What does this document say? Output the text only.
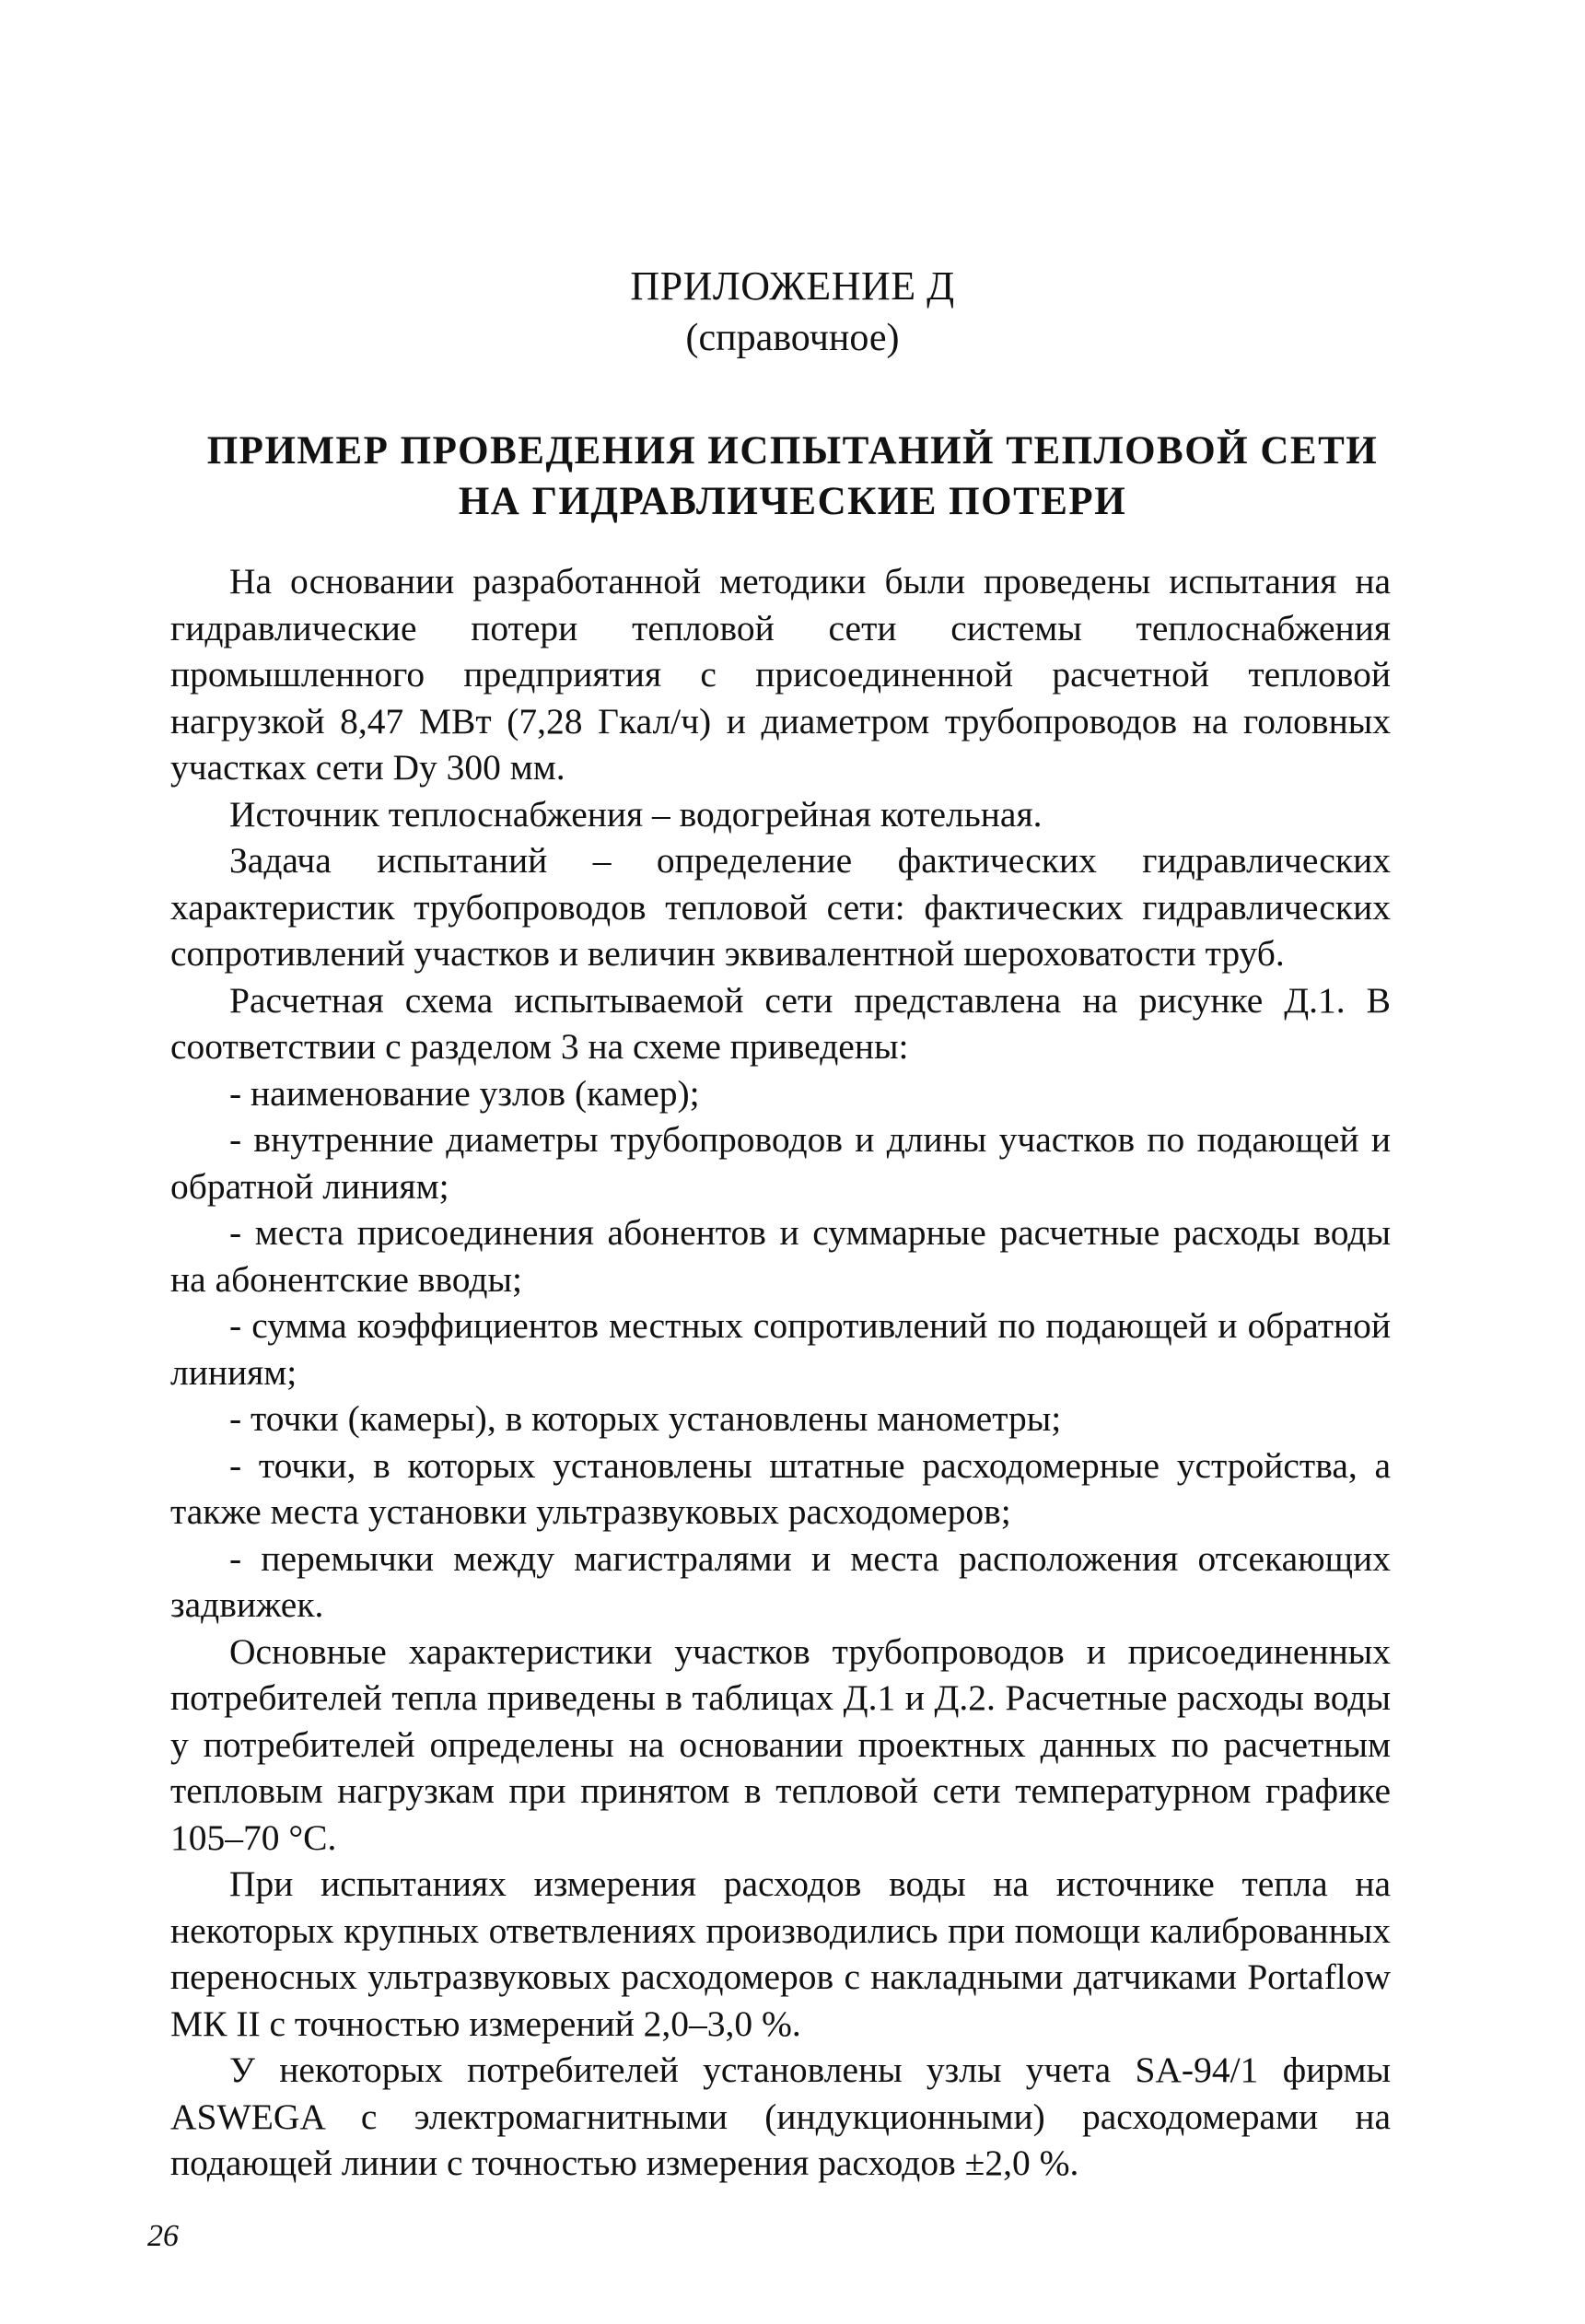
ПРИЛОЖЕНИЕ Д
(справочное)
ПРИМЕР ПРОВЕДЕНИЯ ИСПЫТАНИЙ ТЕПЛОВОЙ СЕТИ
НА ГИДРАВЛИЧЕСКИЕ ПОТЕРИ

На основании разработанной методики были проведены испытания на гидравлические потери тепловой сети системы теплоснабжения промышленного предприятия с присоединенной расчетной тепловой нагрузкой 8,47 МВт (7,28 Гкал/ч) и диаметром трубопроводов на головных участках сети Dу 300 мм.

Источник теплоснабжения – водогрейная котельная.

Задача испытаний – определение фактических гидравлических характеристик трубопроводов тепловой сети: фактических гидравлических сопротивлений участков и величин эквивалентной шероховатости труб.

Расчетная схема испытываемой сети представлена на рисунке Д.1. В соответствии с разделом 3 на схеме приведены:

- наименование узлов (камер);

- внутренние диаметры трубопроводов и длины участков по подающей и обратной линиям;

- места присоединения абонентов и суммарные расчетные расходы воды на абонентские вводы;

- сумма коэффициентов местных сопротивлений по подающей и обратной линиям;

- точки (камеры), в которых установлены манометры;

- точки, в которых установлены штатные расходомерные устройства, а также места установки ультразвуковых расходомеров;

- перемычки между магистралями и места расположения отсекающих задвижек.

Основные характеристики участков трубопроводов и присоединенных потребителей тепла приведены в таблицах Д.1 и Д.2. Расчетные расходы воды у потребителей определены на основании проектных данных по расчетным тепловым нагрузкам при принятом в тепловой сети температурном графике 105–70 °С.

При испытаниях измерения расходов воды на источнике тепла на некоторых крупных ответвлениях производились при помощи калиброванных переносных ультразвуковых расходомеров с накладными датчиками Portaflow МК II с точностью измерений 2,0–3,0 %.

У некоторых потребителей установлены узлы учета SA-94/1 фирмы ASWEGA с электромагнитными (индукционными) расходомерами на подающей линии с точностью измерения расходов ±2,0 %.

26
